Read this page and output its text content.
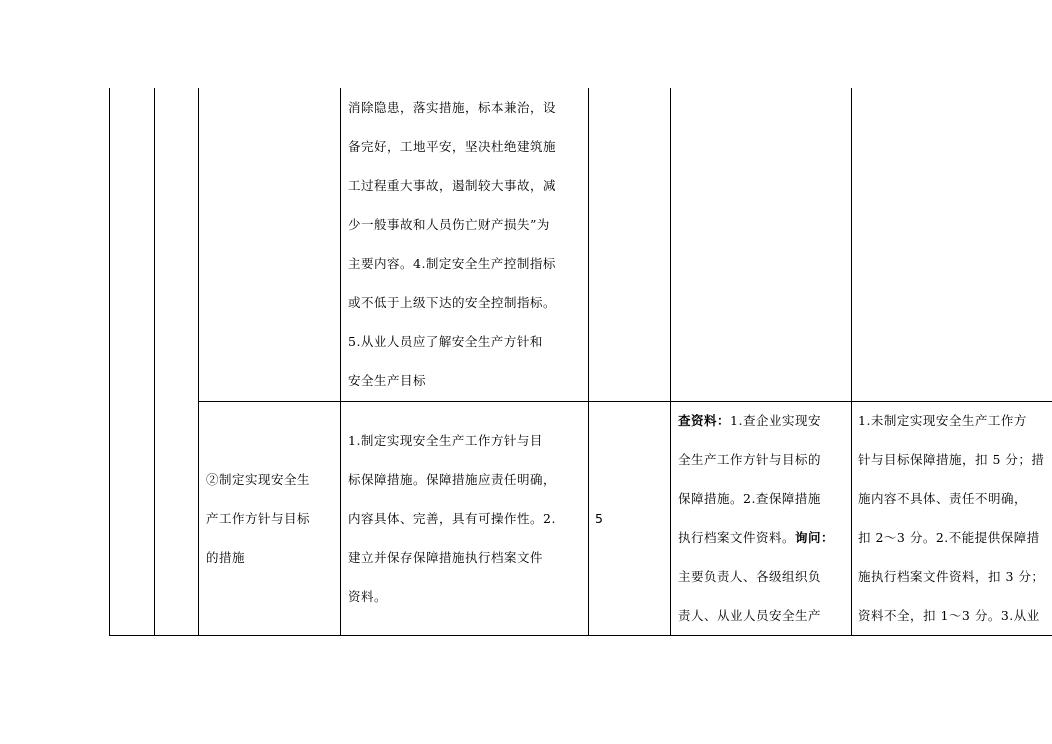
消除隐患，落实措施，标本兼治，设

备完好，工地平安，坚决杜绝建筑施

工过程重大事故，遏制较大事故，减

少一般事故和人员伤亡财产损失”为

主要内容。4.制定安全生产控制指标

或不低于上级下达的安全控制指标。

5.从业人员应了解安全生产方针和

安全生产目标

②制定实现安全生

产工作方针与目标

的措施

1.制定实现安全生产工作方针与目

标保障措施。保障措施应责任明确，

内容具体、完善，具有可操作性。2.

建立并保存保障措施执行档案文件

资料。

5

查资料：1.查企业实现安

全生产工作方针与目标的

保障措施。2.查保障措施

执行档案文件资料。询问：

主要负责人、各级组织负

责人、从业人员安全生产

1.未制定实现安全生产工作方

针与目标保障措施，扣 5 分；措

施内容不具体、责任不明确，

扣 2～3 分。2.不能提供保障措

施执行档案文件资料，扣 3 分；

资料不全，扣 1～3 分。3.从业
